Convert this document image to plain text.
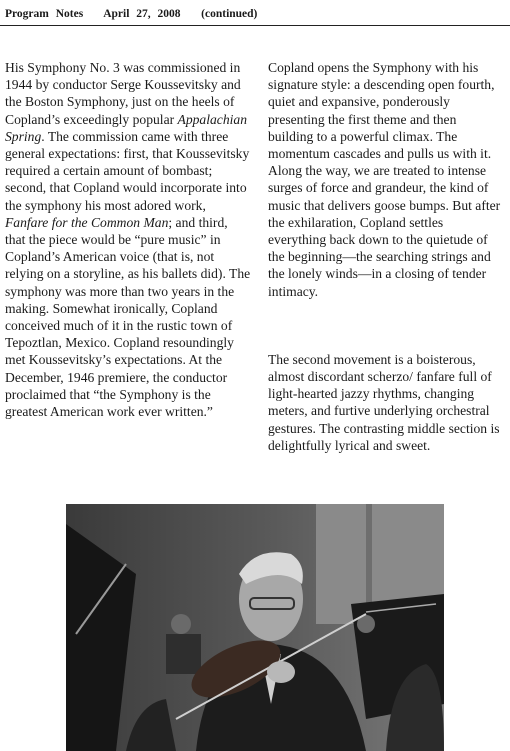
Program Notes April 27, 2008 (continued)

His Symphony No. 3 was commissioned in 1944 by conductor Serge Koussevitsky and the Boston Symphony, just on the heels of Copland’s exceedingly popular Appalachian Spring. The commission came with three general expectations: first, that Koussevitsky required a certain amount of bombast; second, that Copland would incorporate into the symphony his most adored work, Fanfare for the Common Man; and third, that the piece would be “pure music” in Copland’s American voice (that is, not relying on a storyline, as his ballets did). The symphony was more than two years in the making. Somewhat ironically, Copland conceived much of it in the rustic town of Tepoztlan, Mexico. Copland resoundingly met Koussevitsky’s expectations. At the December, 1946 premiere, the conductor proclaimed that “the Symphony is the greatest American work ever written.”

Copland opens the Symphony with his signature style: a descending open fourth, quiet and expansive, ponderously presenting the first theme and then building to a powerful climax. The momentum cascades and pulls us with it. Along the way, we are treated to intense surges of force and grandeur, the kind of music that delivers goose bumps. But after the exhilaration, Copland settles everything back down to the quietude of the beginning—the searching strings and the lonely winds—in a closing of tender intimacy.

The second movement is a boisterous, almost discordant scherzo/ fanfare full of light-hearted jazzy rhythms, changing meters, and furtive underlying orchestral gestures. The contrasting middle section is delightfully lyrical and sweet.
